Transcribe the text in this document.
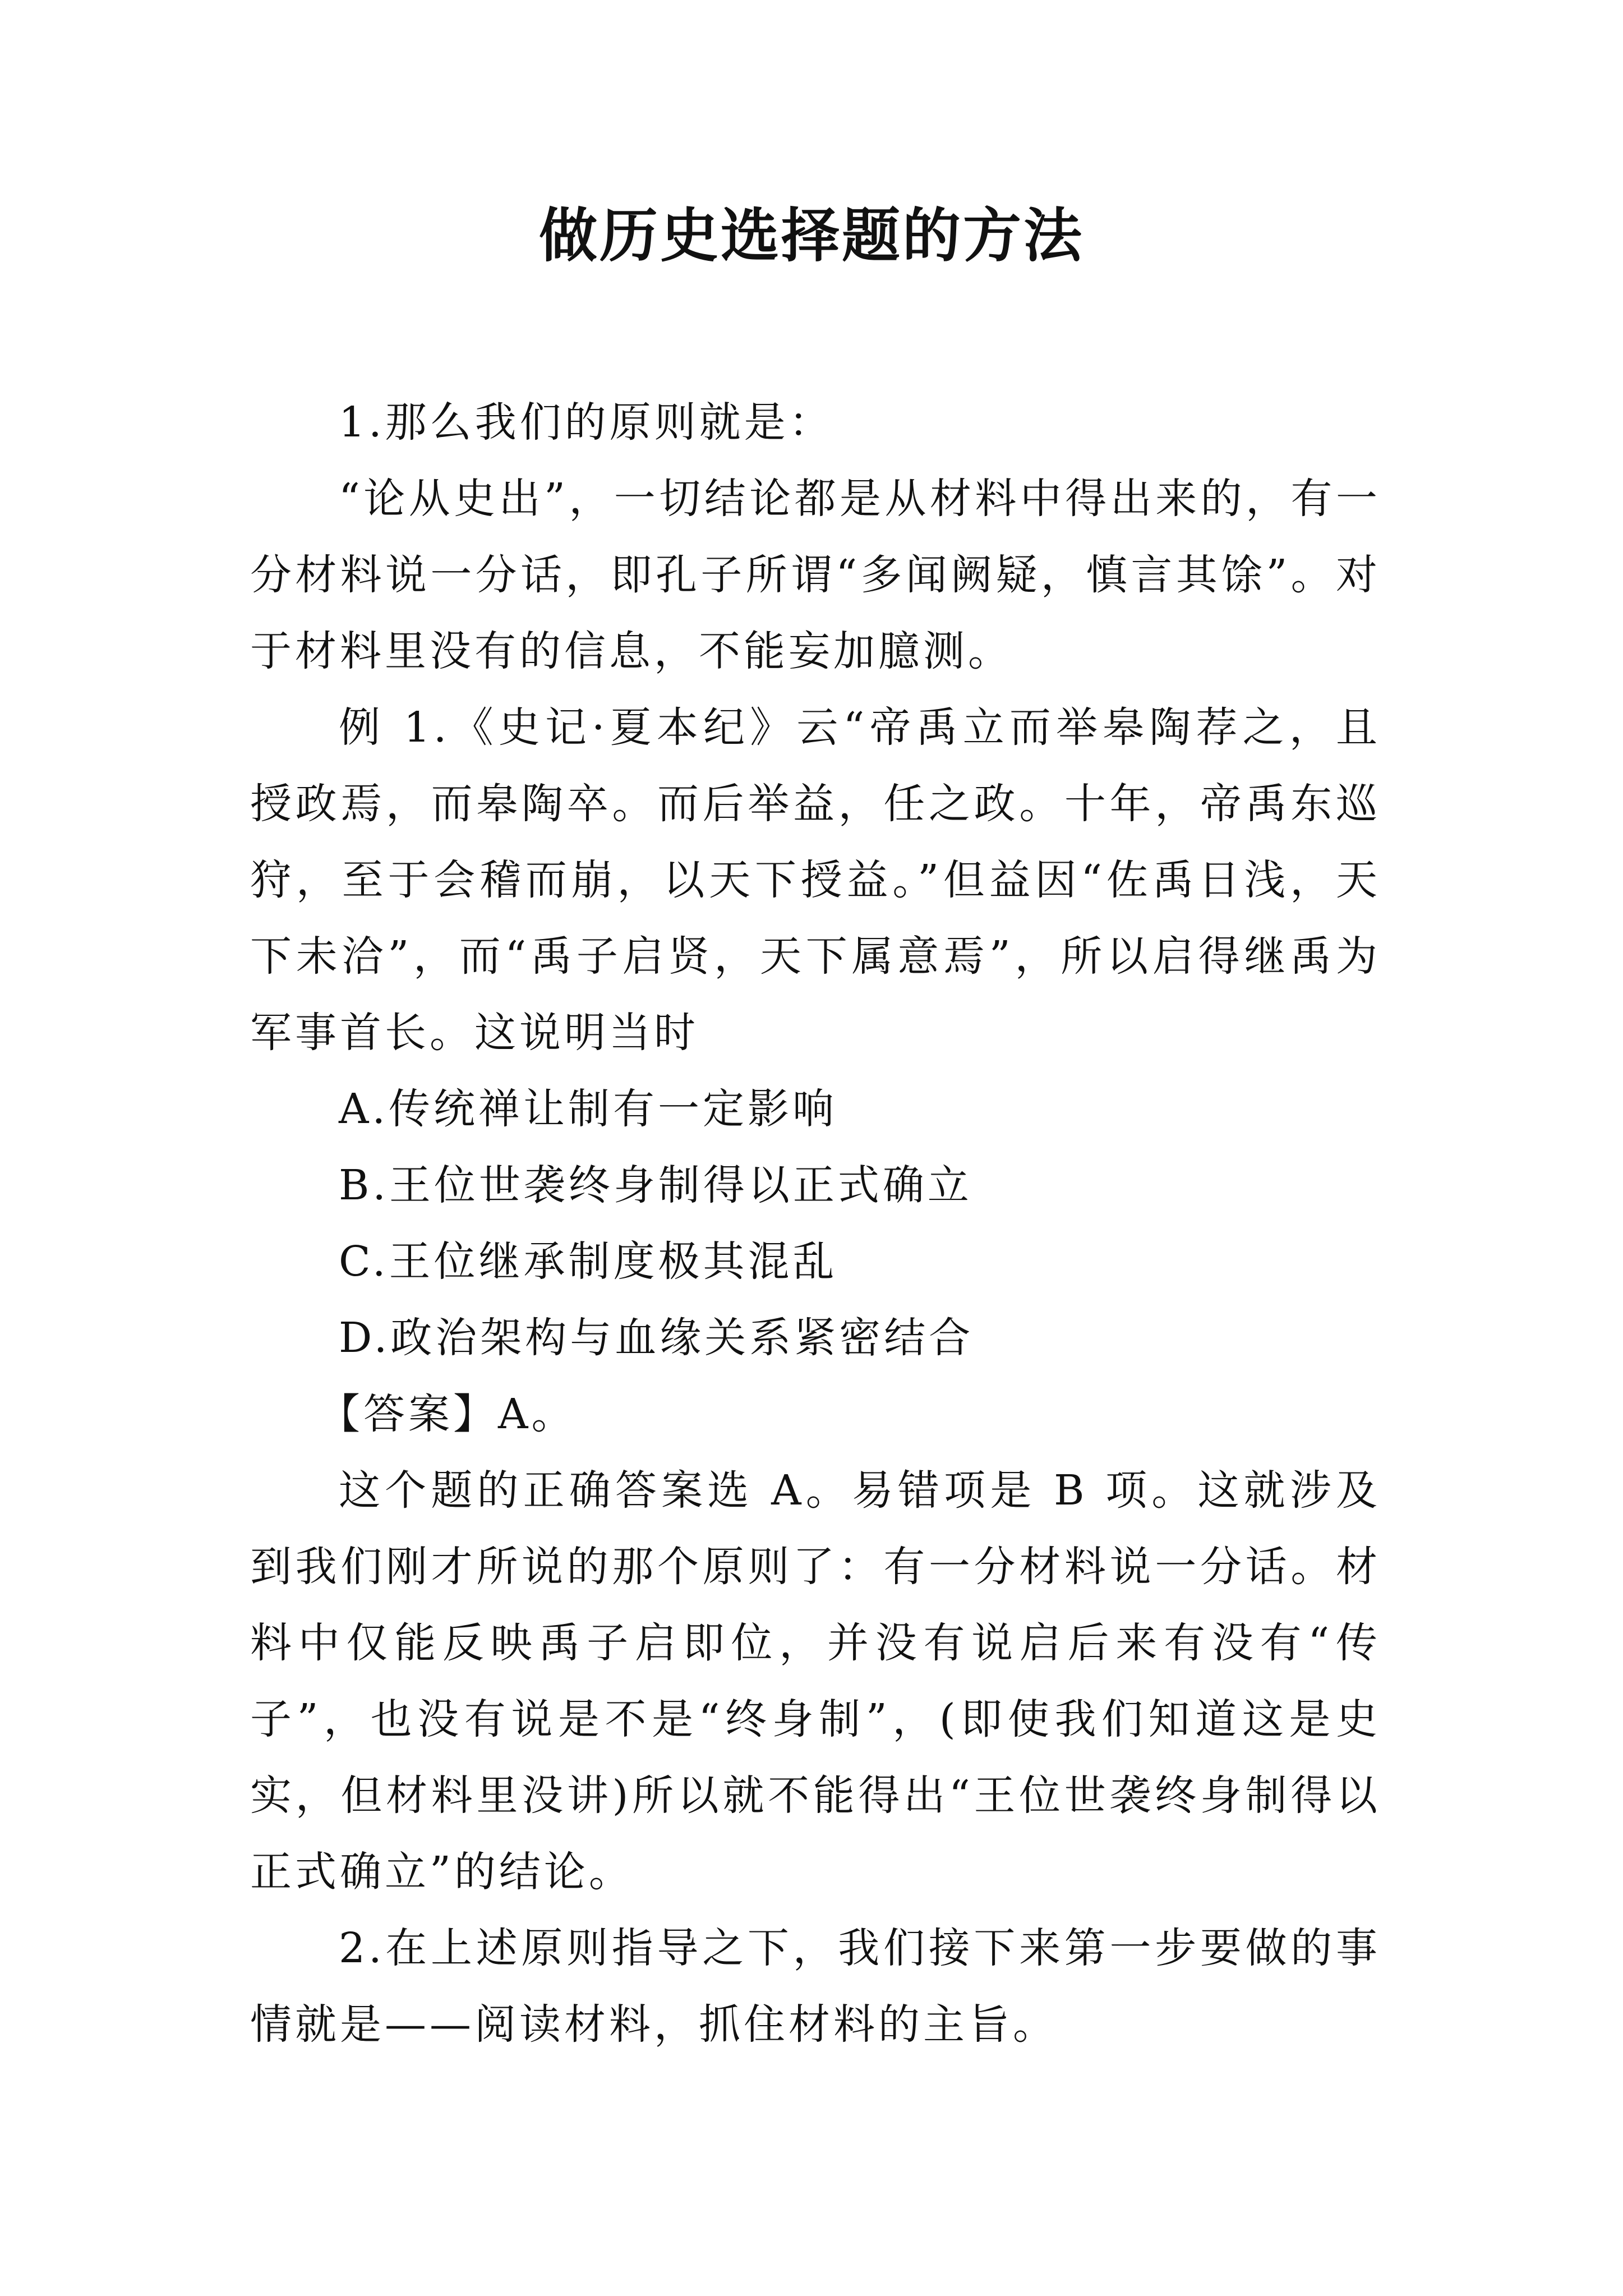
做历史选择题的方法

1.那么我们的原则就是：

“论从史出”，一切结论都是从材料中得出来的，有一分材料说一分话，即孔子所谓“多闻阙疑，慎言其馀”。对于材料里没有的信息，不能妄加臆测。

例 1.《史记·夏本纪》云“帝禹立而举皋陶荐之，且授政焉，而皋陶卒。而后举益，任之政。十年，帝禹东巡狩，至于会稽而崩，以天下授益。”但益因“佐禹日浅，天下未洽”，而“禹子启贤，天下属意焉”，所以启得继禹为军事首长。这说明当时

A.传统禅让制有一定影响

B.王位世袭终身制得以正式确立

C.王位继承制度极其混乱

D.政治架构与血缘关系紧密结合

【答案】A。

这个题的正确答案选 A。易错项是 B 项。这就涉及到我们刚才所说的那个原则了：有一分材料说一分话。材料中仅能反映禹子启即位，并没有说启后来有没有“传子”，也没有说是不是“终身制”，(即使我们知道这是史实，但材料里没讲)所以就不能得出“王位世袭终身制得以正式确立”的结论。

2.在上述原则指导之下，我们接下来第一步要做的事情就是——阅读材料，抓住材料的主旨。
